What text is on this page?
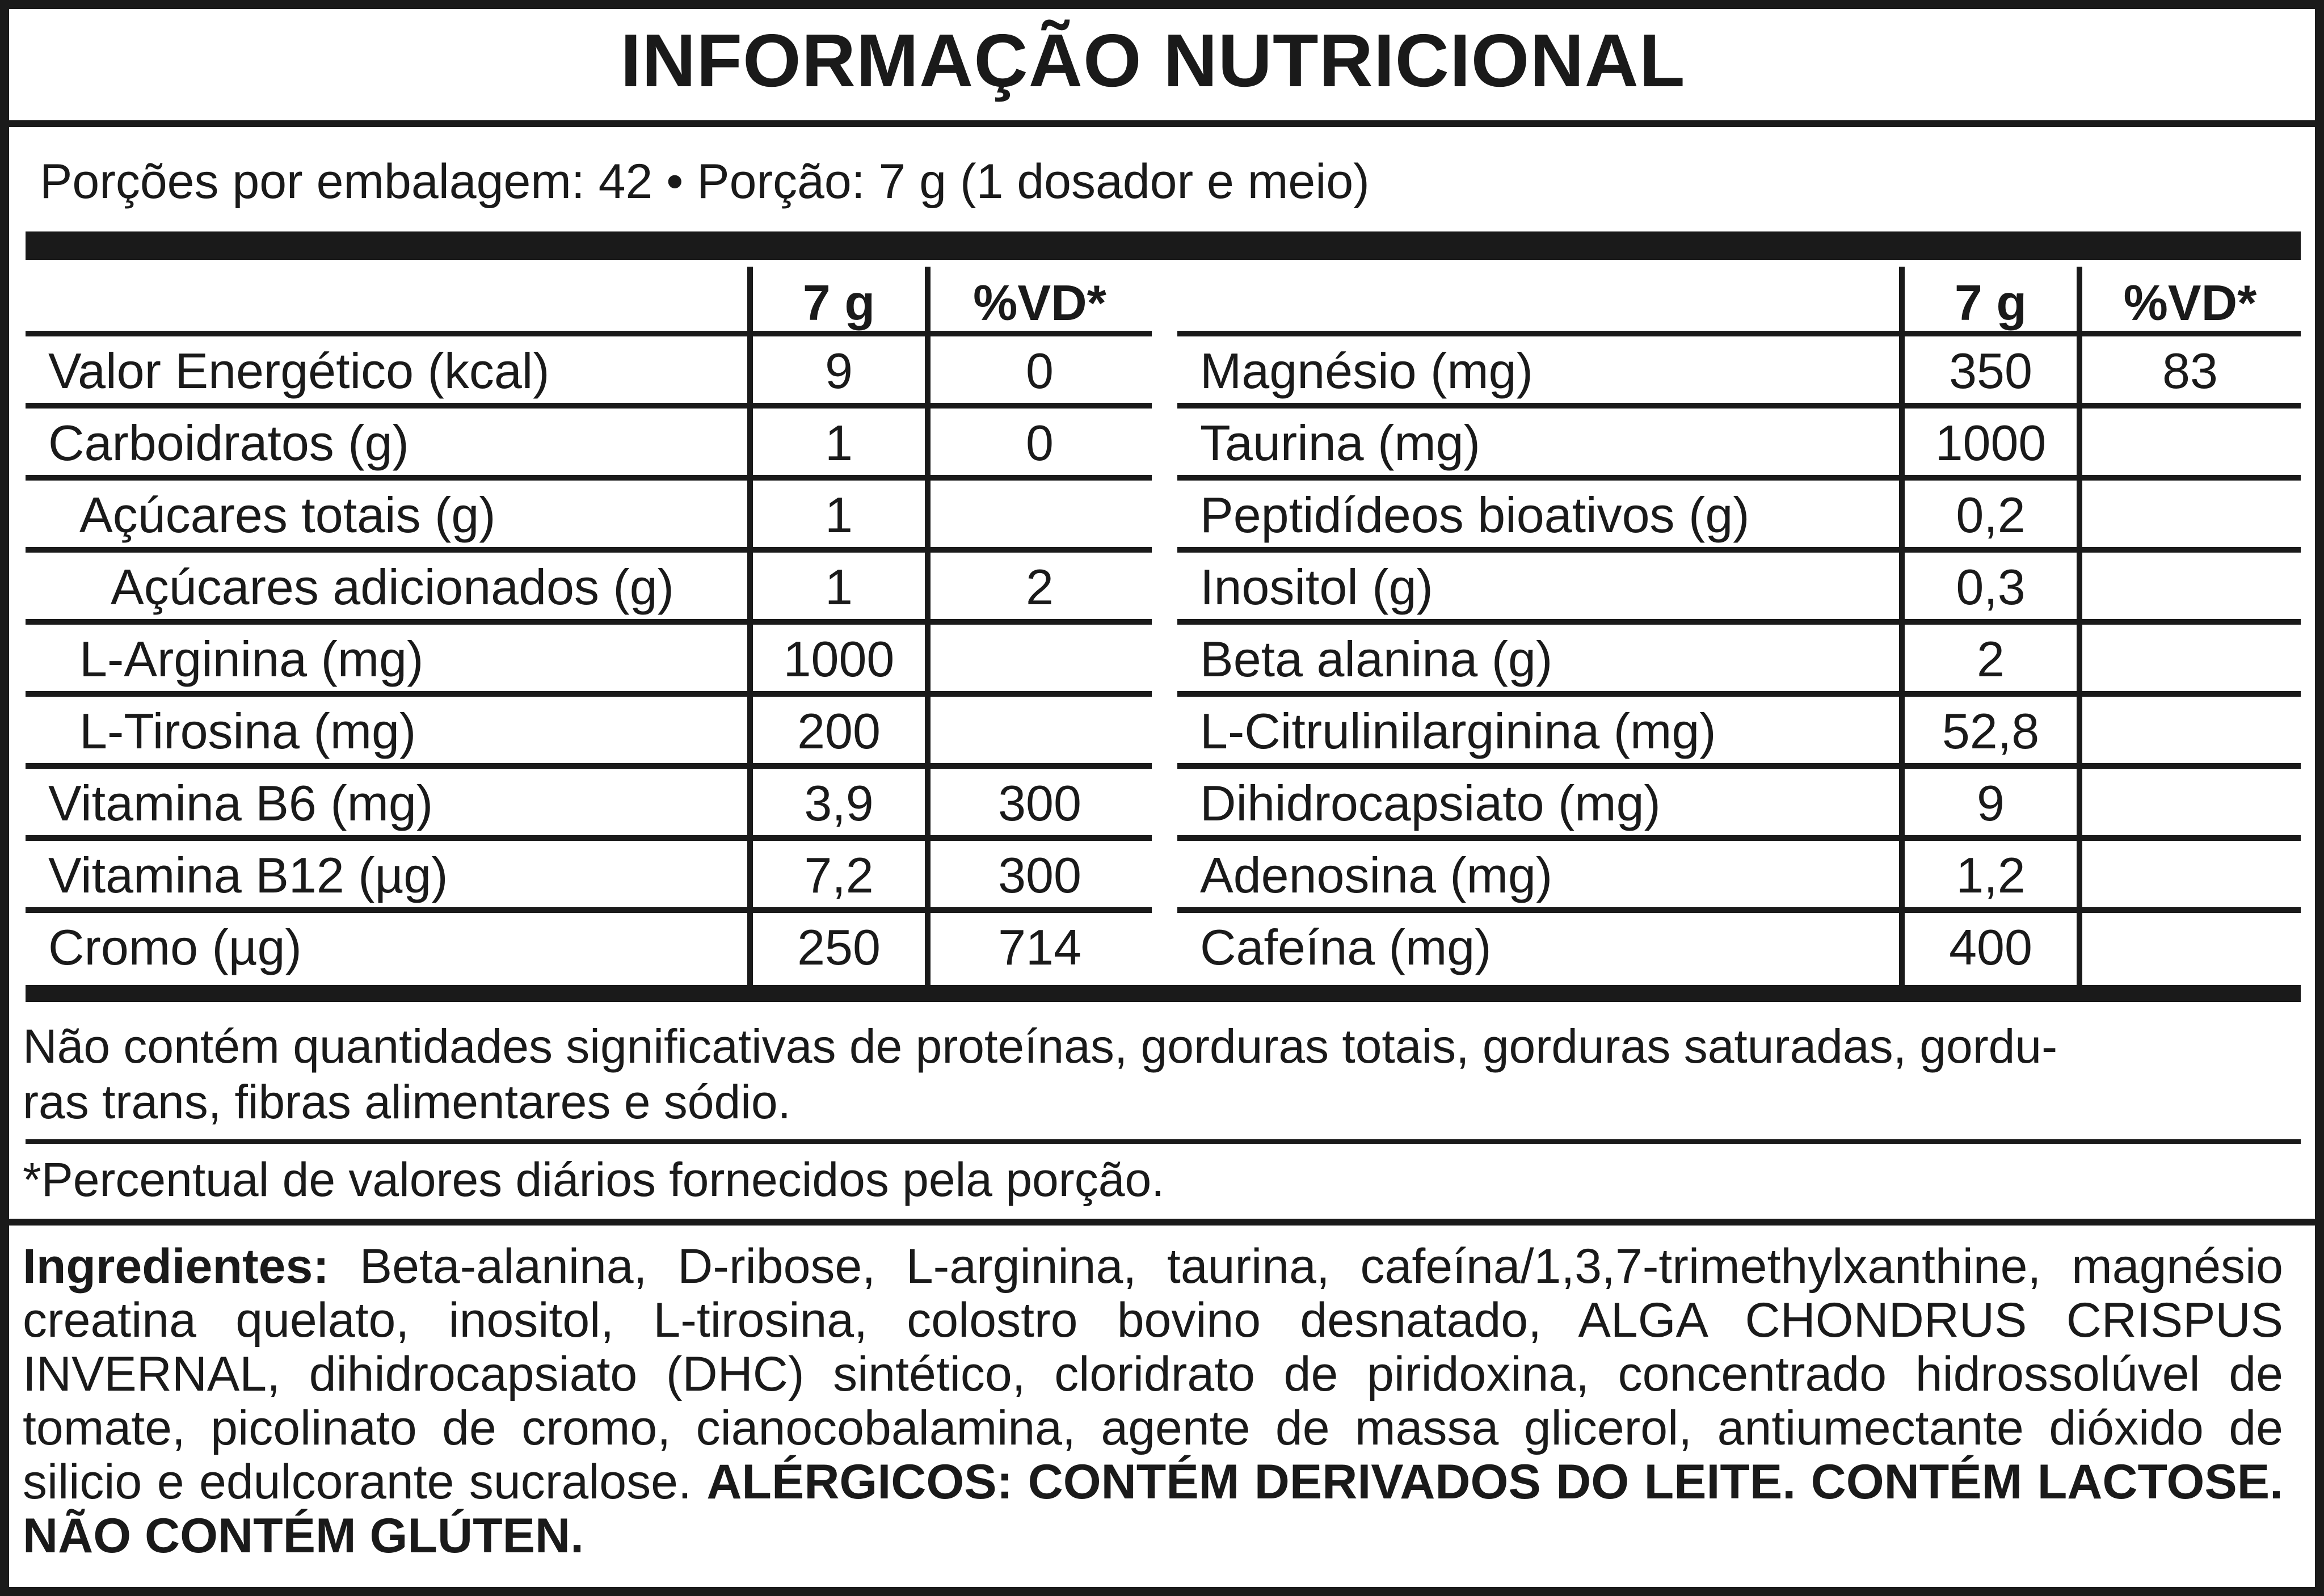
INFORMAÇÃO NUTRICIONAL
Porções por embalagem: 42 • Porção: 7 g (1 dosador e meio)
7 g	%VD*
Valor Energético (kcal)	9	0
Carboidratos (g)	1	0
Açúcares totais (g)	1
Açúcares adicionados (g)	1	2
L-Arginina (mg)	1000
L-Tirosina (mg)	200
Vitamina B6 (mg)	3,9	300
Vitamina B12 (µg)	7,2	300
Cromo (µg)	250	714
7 g	%VD*
Magnésio (mg)	350	83
Taurina (mg)	1000
Peptidídeos bioativos (g)	0,2
Inositol (g)	0,3
Beta alanina (g)	2
L-Citrulinilarginina (mg)	52,8
Dihidrocapsiato (mg)	9
Adenosina (mg)	1,2
Cafeína (mg)	400
Não contém quantidades significativas de proteínas, gorduras totais, gorduras saturadas, gordu-
ras trans, fibras alimentares e sódio.
*Percentual de valores diários fornecidos pela porção.
Ingredientes: Beta-alanina, D-ribose, L-arginina, taurina, cafeína/1,3,7-trimethylxanthine, magnésio creatina quelato, inositol, L-tirosina, colostro bovino desnatado, ALGA CHONDRUS CRISPUS INVERNAL, dihidrocapsiato (DHC) sintético, cloridrato de piridoxina, concentrado hidrossolúvel de tomate, picolinato de cromo, cianocobalamina, agente de massa glicerol, antiumectante dióxido de silicio e edulcorante sucralose. ALÉRGICOS: CONTÉM DERIVADOS DO LEITE. CONTÉM LACTOSE. NÃO CONTÉM GLÚTEN.
